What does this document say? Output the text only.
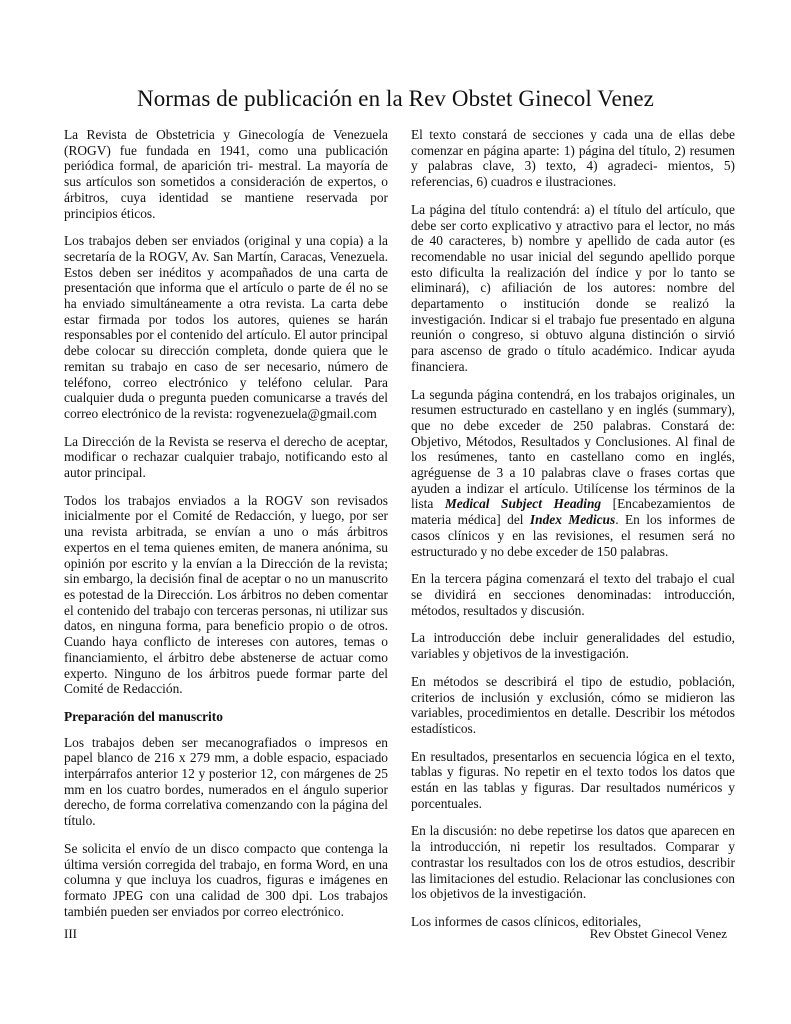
Normas de publicación en la Rev Obstet Ginecol Venez

La Revista de Obstetricia y Ginecología de Venezuela (ROGV) fue fundada en 1941, como una publicación periódica formal, de aparición tri- mestral. La mayoría de sus artículos son sometidos a consideración de expertos, o árbitros, cuya identidad se mantiene reservada por principios éticos.

Los trabajos deben ser enviados (original y una copia) a la secretaría de la ROGV, Av. San Martín, Caracas, Venezuela. Estos deben ser inéditos y acompañados de una carta de presentación que informa que el artículo o parte de él no se ha enviado simultáneamente a otra revista. La carta debe estar firmada por todos los autores, quienes se harán responsables por el contenido del artículo. El autor principal debe colocar su dirección completa, donde quiera que le remitan su trabajo en caso de ser necesario, número de teléfono, correo electrónico y teléfono celular. Para cualquier duda o pregunta pueden comunicarse a través del correo electrónico de la revista: rogvenezuela@gmail.com

La Dirección de la Revista se reserva el derecho de aceptar, modificar o rechazar cualquier trabajo, notificando esto al autor principal.

Todos los trabajos enviados a la ROGV son revisados inicialmente por el Comité de Redacción, y luego, por ser una revista arbitrada, se envían a uno o más árbitros expertos en el tema quienes emiten, de manera anónima, su opinión por escrito y la envían a la Dirección de la revista; sin embargo, la decisión final de aceptar o no un manuscrito es potestad de la Dirección. Los árbitros no deben comentar el contenido del trabajo con terceras personas, ni utilizar sus datos, en ninguna forma, para beneficio propio o de otros. Cuando haya conflicto de intereses con autores, temas o financiamiento, el árbitro debe abstenerse de actuar como experto. Ninguno de los árbitros puede formar parte del Comité de Redacción.

Preparación del manuscrito

Los trabajos deben ser mecanografiados o impresos en papel blanco de 216 x 279 mm, a doble espacio, espaciado interpárrafos anterior 12 y posterior 12, con márgenes de 25 mm en los cuatro bordes, numerados en el ángulo superior derecho, de forma correlativa comenzando con la página del título.

Se solicita el envío de un disco compacto que contenga la última versión corregida del trabajo, en forma Word, en una columna y que incluya los cuadros, figuras e imágenes en formato JPEG con una calidad de 300 dpi. Los trabajos también pueden ser enviados por correo electrónico.

El texto constará de secciones y cada una de ellas debe comenzar en página aparte: 1) página del título, 2) resumen y palabras clave, 3) texto, 4) agradeci- mientos, 5) referencias, 6) cuadros e ilustraciones.

La página del título contendrá: a) el título del artículo, que debe ser corto explicativo y atractivo para el lector, no más de 40 caracteres, b) nombre y apellido de cada autor (es recomendable no usar inicial del segundo apellido porque esto dificulta la realización del índice y por lo tanto se eliminará), c) afiliación de los autores: nombre del departamento o institución donde se realizó la investigación. Indicar si el trabajo fue presentado en alguna reunión o congreso, si obtuvo alguna distinción o sirvió para ascenso de grado o título académico. Indicar ayuda financiera.

La segunda página contendrá, en los trabajos originales, un resumen estructurado en castellano y en inglés (summary), que no debe exceder de 250 palabras. Constará de: Objetivo, Métodos, Resultados y Conclusiones. Al final de los resúmenes, tanto en castellano como en inglés, agréguense de 3 a 10 palabras clave o frases cortas que ayuden a indizar el artículo. Utilícense los términos de la lista Medical Subject Heading [Encabezamientos de materia médica] del Index Medicus. En los informes de casos clínicos y en las revisiones, el resumen será no estructurado y no debe exceder de 150 palabras.

En la tercera página comenzará el texto del trabajo el cual se dividirá en secciones denominadas: introducción, métodos, resultados y discusión.

La introducción debe incluir generalidades del estudio, variables y objetivos de la investigación.

En métodos se describirá el tipo de estudio, población, criterios de inclusión y exclusión, cómo se midieron las variables, procedimientos en detalle. Describir los métodos estadísticos.

En resultados, presentarlos en secuencia lógica en el texto, tablas y figuras. No repetir en el texto todos los datos que están en las tablas y figuras. Dar resultados numéricos y porcentuales.

En la discusión: no debe repetirse los datos que aparecen en la introducción, ni repetir los resultados. Comparar y contrastar los resultados con los de otros estudios, describir las limitaciones del estudio. Relacionar las conclusiones con los objetivos de la investigación.

Los informes de casos clínicos, editoriales,

III	Rev Obstet Ginecol Venez
